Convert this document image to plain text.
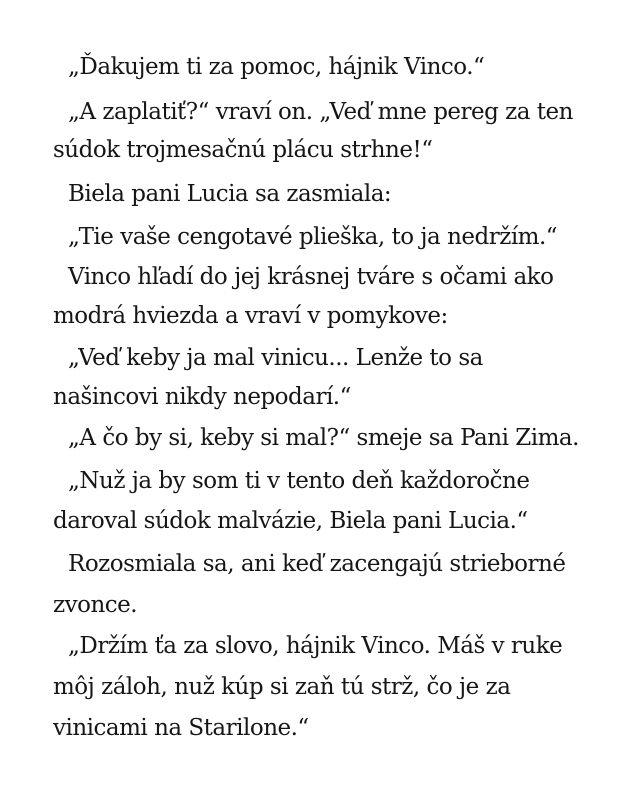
„Ďakujem ti za pomoc, hájnik Vinco.“
„A zaplatiť?“ vraví on. „Veď mne pereg za ten
súdok trojmesačnú plácu strhne!“
Biela pani Lucia sa zasmiala:
„Tie vaše cengotavé plieška, to ja nedržím.“
Vinco hľadí do jej krásnej tváre s očami ako
modrá hviezda a vraví v pomykove:
„Veď keby ja mal vinicu... Lenže to sa
našincovi nikdy nepodarí.“
„A čo by si, keby si mal?“ smeje sa Pani Zima.
„Nuž ja by som ti v tento deň každoročne
daroval súdok malvázie, Biela pani Lucia.“
Rozosmiala sa, ani keď zacengajú strieborné
zvonce.
„Držím ťa za slovo, hájnik Vinco. Máš v ruke
môj záloh, nuž kúp si zaň tú strž, čo je za
vinicami na Starilone.“
